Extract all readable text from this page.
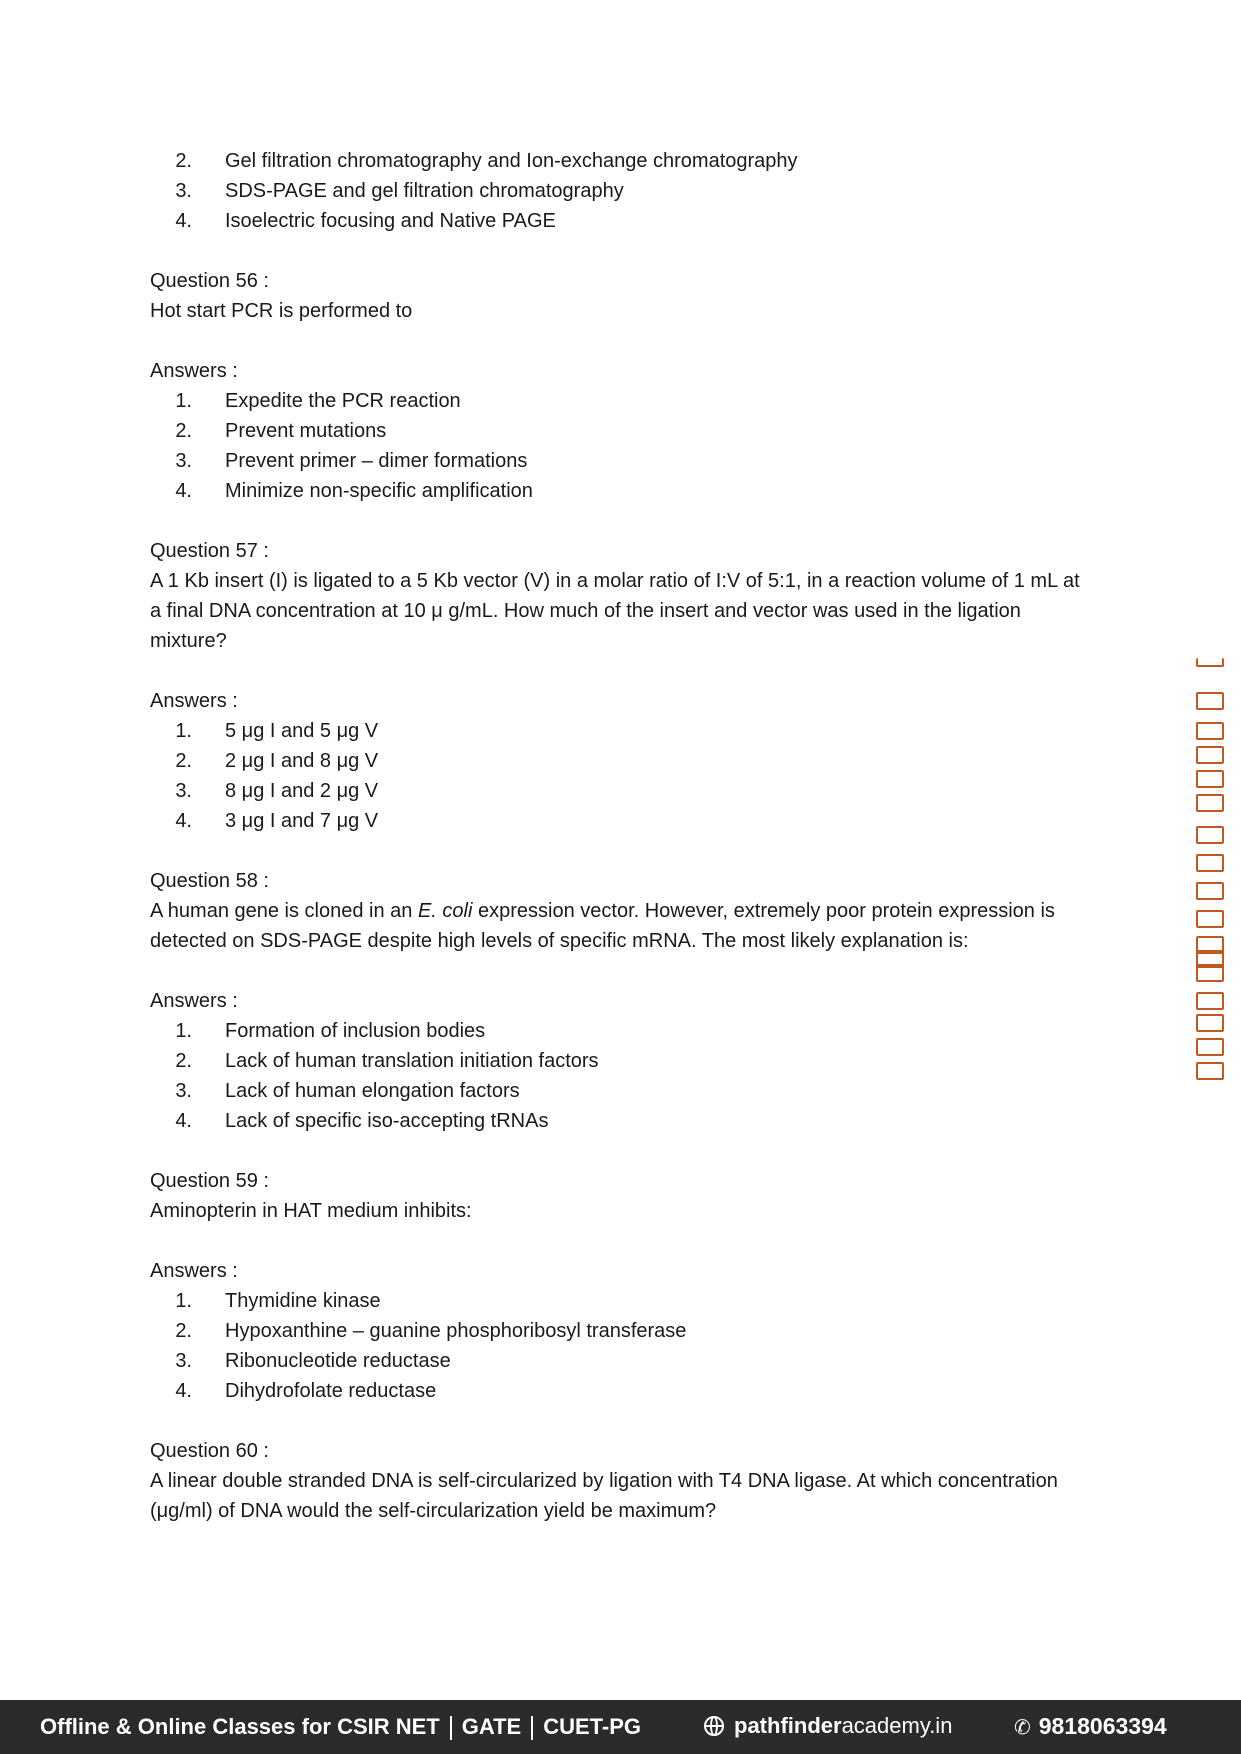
2.	Gel filtration chromatography and Ion-exchange chromatography
3.	SDS-PAGE and gel filtration chromatography
4.	Isoelectric focusing and Native PAGE

Question 56 :

Hot start PCR is performed to

Answers :

1.	Expedite the PCR reaction
2.	Prevent mutations
3.	Prevent primer – dimer formations
4.	Minimize non-specific amplification

Question 57 :

A 1 Kb insert (I) is ligated to a 5 Kb vector (V) in a molar ratio of I:V of 5:1, in a reaction volume of 1 mL at a final DNA concentration at 10 μ g/mL. How much of the insert and vector was used in the ligation mixture?

Answers :

1.	5 μg I and 5 μg V
2.	2 μg I and 8 μg V
3.	8 μg I and 2 μg V
4.	3 μg I and 7 μg V

Question 58 :

A human gene is cloned in an E. coli expression vector. However, extremely poor protein expression is detected on SDS-PAGE despite high levels of specific mRNA. The most likely explanation is:

Answers :

1.	Formation of inclusion bodies
2.	Lack of human translation initiation factors
3.	Lack of human elongation factors
4.	Lack of specific iso-accepting tRNAs

Question 59 :

Aminopterin in HAT medium inhibits:

Answers :

1.	Thymidine kinase
2.	Hypoxanthine – guanine phosphoribosyl transferase
3.	Ribonucleotide reductase
4.	Dihydrofolate reductase

Question 60 :

A linear double stranded DNA is self-circularized by ligation with T4 DNA ligase. At which concentration (μg/ml) of DNA would the self-circularization yield be maximum?

Offline & Online Classes for CSIR NET GATE CUET-PG	pathfinderacademy.in	✆ 9818063394
